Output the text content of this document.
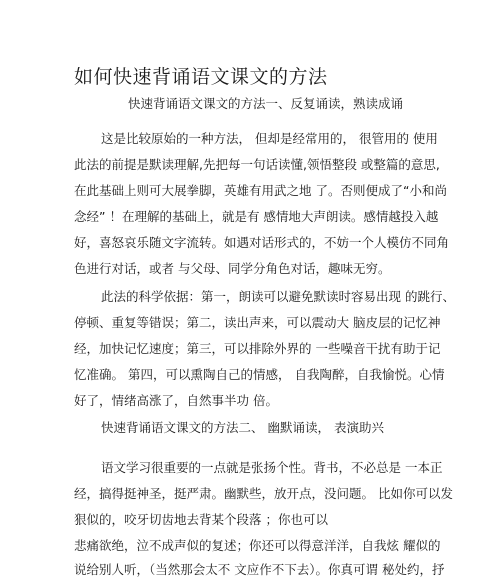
如何快速背诵语文课文的方法
快速背诵语文课文的方法一、反复诵读，熟读成诵
这是比较原始的一种方法， 但却是经常用的， 很管用的 使用
此法的前提是默读理解,先把每一句话读懂,领悟整段 或整篇的意思,
在此基础上则可大展拳脚，英雄有用武之地 了。否则便成了“小和尚
念经” ！在理解的基础上，就是有 感情地大声朗读。感情越投入越
好，喜怒哀乐随文字流转。如遇对话形式的，不妨一个人模仿不同角
色进行对话，或者 与父母、同学分角色对话，趣味无穷。
此法的科学依据：第一，朗读可以避免默读时容易出现 的跳行、
停顿、重复等错误；第二，读出声来，可以震动大 脑皮层的记忆神
经，加快记忆速度；第三，可以排除外界的 一些噪音干扰有助于记
忆准确。 第四，可以熏陶自己的情感， 自我陶醉，自我愉悦。心情
好了，情绪高涨了，自然事半功 倍。
快速背诵语文课文的方法二、 幽默诵读， 表演助兴
语文学习很重要的一点就是张扬个性。背书，不必总是 一本正
经，搞得挺神圣，挺严肃。幽默些，放开点，没问题。 比如你可以发
狠似的，咬牙切齿地去背某个段落 ；你也可以
悲痛欲绝，泣不成声似的复述；你还可以得意洋洋，自我炫 耀似的
说给别人听，（当然那会太不 文应作不下去）。你真可谓 秘处约，抒
